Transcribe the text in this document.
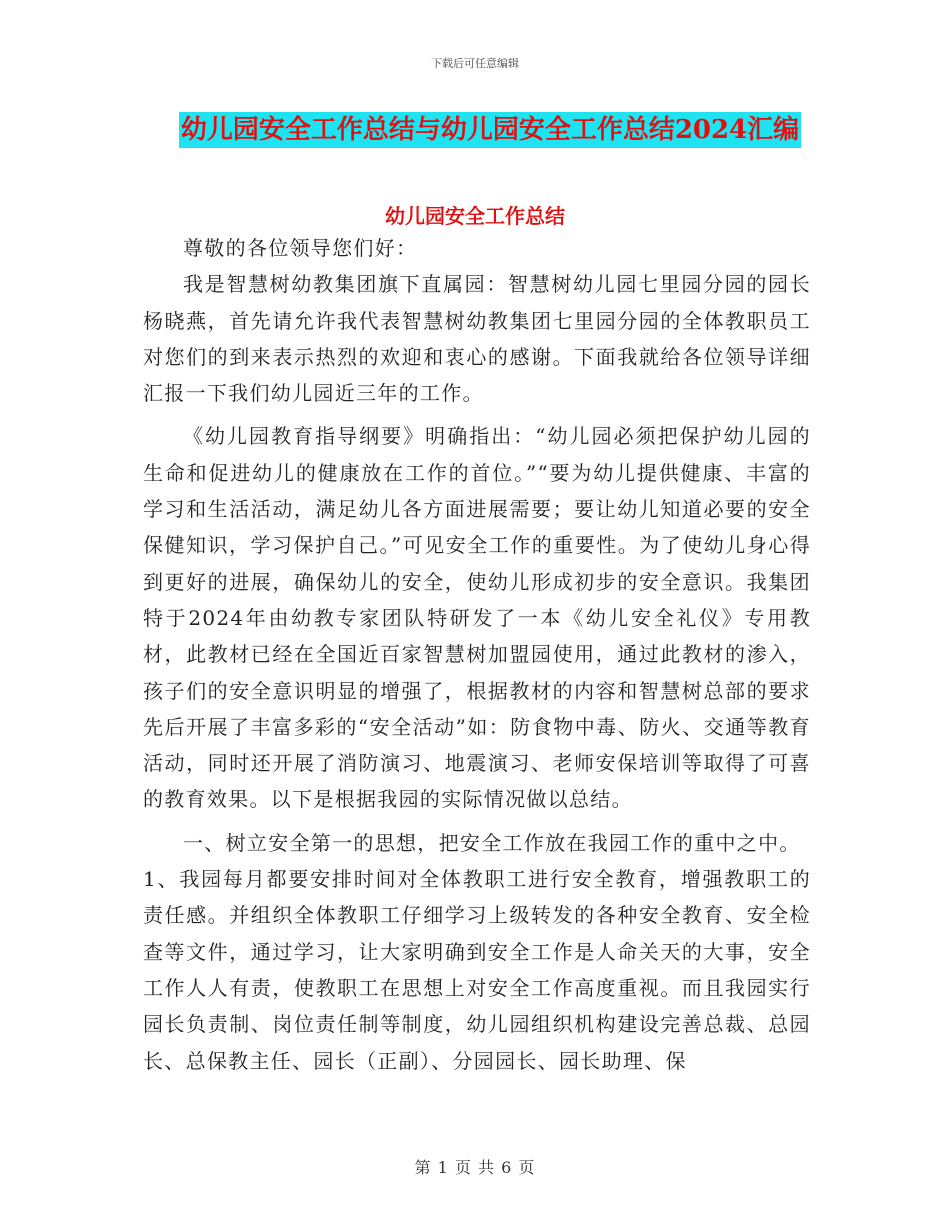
下载后可任意编辑
幼儿园安全工作总结与幼儿园安全工作总结2024汇编
幼儿园安全工作总结

尊敬的各位领导您们好：

我是智慧树幼教集团旗下直属园：智慧树幼儿园七里园分园的园长杨晓燕，首先请允许我代表智慧树幼教集团七里园分园的全体教职员工对您们的到来表示热烈的欢迎和衷心的感谢。下面我就给各位领导详细汇报一下我们幼儿园近三年的工作。

《幼儿园教育指导纲要》明确指出：“幼儿园必须把保护幼儿园的生命和促进幼儿的健康放在工作的首位。”“要为幼儿提供健康、丰富的学习和生活活动，满足幼儿各方面进展需要；要让幼儿知道必要的安全保健知识，学习保护自己。”可见安全工作的重要性。为了使幼儿身心得到更好的进展，确保幼儿的安全，使幼儿形成初步的安全意识。我集团特于2024年由幼教专家团队特研发了一本《幼儿安全礼仪》专用教材，此教材已经在全国近百家智慧树加盟园使用，通过此教材的渗入，孩子们的安全意识明显的增强了，根据教材的内容和智慧树总部的要求先后开展了丰富多彩的“安全活动”如：防食物中毒、防火、交通等教育活动，同时还开展了消防演习、地震演习、老师安保培训等取得了可喜的教育效果。以下是根据我园的实际情况做以总结。

一、树立安全第一的思想，把安全工作放在我园工作的重中之中。

1、我园每月都要安排时间对全体教职工进行安全教育，增强教职工的责任感。并组织全体教职工仔细学习上级转发的各种安全教育、安全检查等文件，通过学习，让大家明确到安全工作是人命关天的大事，安全工作人人有责，使教职工在思想上对安全工作高度重视。而且我园实行园长负责制、岗位责任制等制度，幼儿园组织机构建设完善总裁、总园长、总保教主任、园长（正副）、分园园长、园长助理、保

第 1 页 共 6 页
